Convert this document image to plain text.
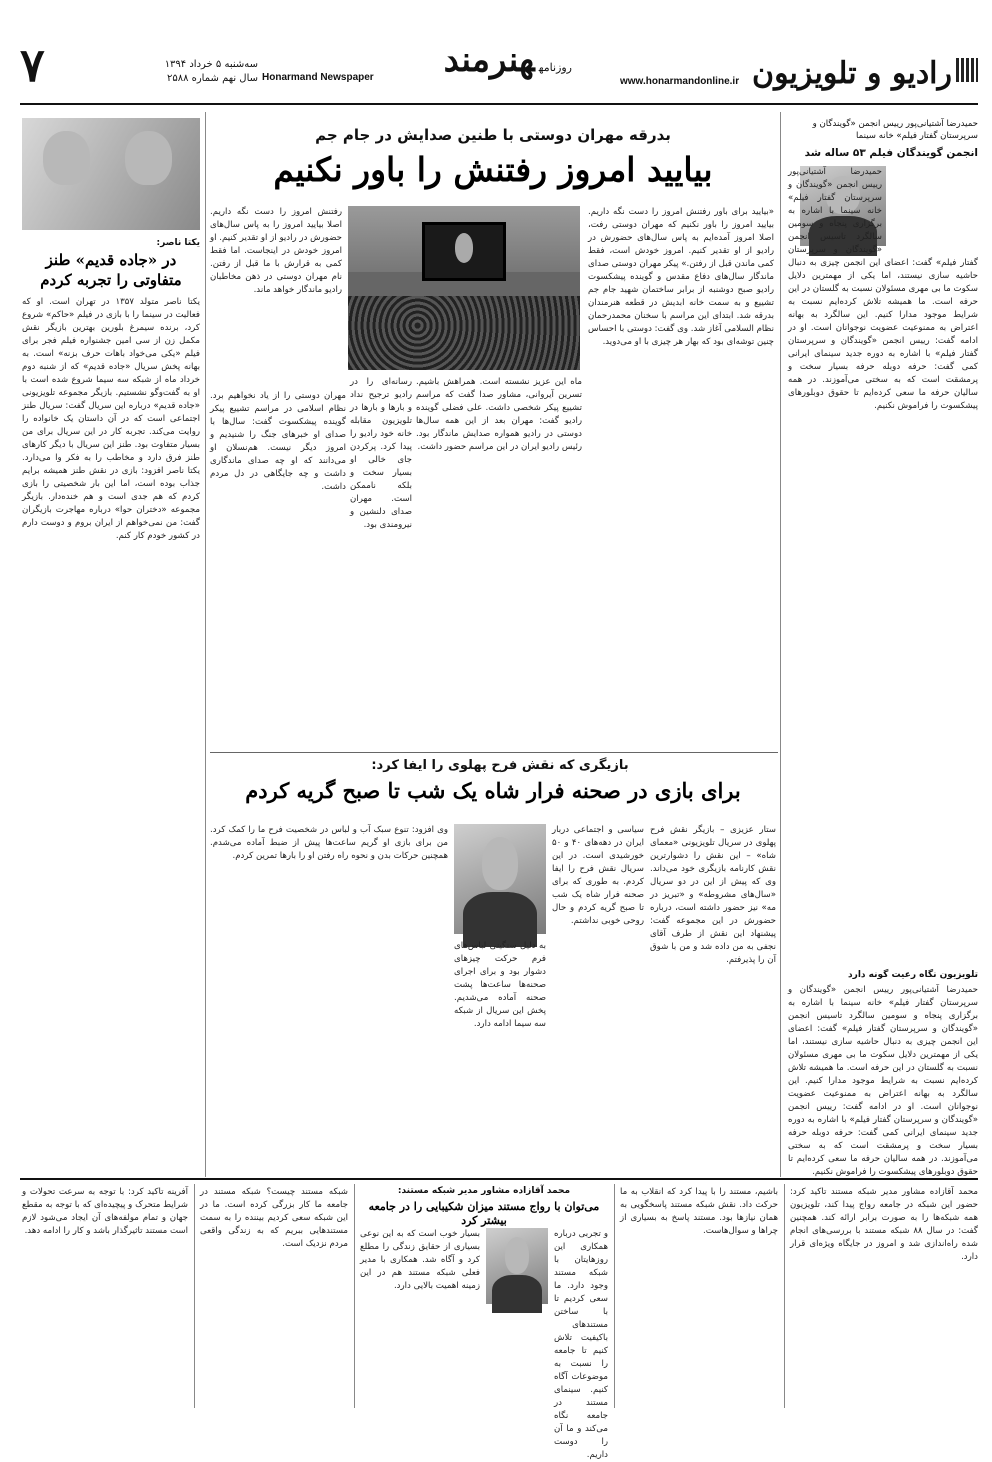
۷	سه‌شنبه ۵ خرداد ۱۳۹۴
سال نهم شماره ۲۵۸۸ Honarmand Newspaper
روزنامههنرمند
www.honarmandonline.ir رادیو و تلویزیون
حمیدرضا آشتیانی‌پور رییس انجمن «گویندگان و سرپرستان گفتار فیلم» خانه سینما
انجمن گویندگان فیلم ۵۳ ساله شد
حمیدرضا آشتیانی‌پور رییس انجمن «گویندگان و سرپرستان گفتار فیلم» خانه سینما با اشاره به برگزاری پنجاه و سومین سالگرد تاسیس انجمن «گویندگان و سرپرستان گفتار فیلم» گفت: اعضای این انجمن چیزی به دنبال حاشیه سازی نیستند، اما یکی از مهمترین دلایل سکوت ما بی مهری مسئولان نسبت به گلستان در این حرفه است. ما همیشه تلاش کرده‌ایم نسبت به شرایط موجود مدارا کنیم. این سالگرد به بهانه اعتراض به ممنوعیت عضویت نوجوانان است. او در ادامه گفت: رییس انجمن «گویندگان و سرپرستان گفتار فیلم» با اشاره به دوره جدید سینمای ایرانی کمی گفت: حرفه دوبله حرفه بسیار سخت و پرمشقت است که به سختی می‌آموزند. در همه سالیان حرفه ما سعی کرده‌ایم تا حقوق دوبلورهای پیشکسوت را فراموش نکنیم.
تلویزیون نگاه رعیت گونه دارد
حمیدرضا آشتیانی‌پور رییس انجمن «گویندگان و سرپرستان گفتار فیلم» خانه سینما با اشاره به برگزاری پنجاه و سومین سالگرد تاسیس انجمن «گویندگان و سرپرستان گفتار فیلم» گفت: اعضای این انجمن چیزی به دنبال حاشیه سازی نیستند، اما یکی از مهمترین دلایل سکوت ما بی مهری مسئولان نسبت به گلستان در این حرفه است. ما همیشه تلاش کرده‌ایم نسبت به شرایط موجود مدارا کنیم. این سالگرد به بهانه اعتراض به ممنوعیت عضویت نوجوانان است. او در ادامه گفت: رییس انجمن «گویندگان و سرپرستان گفتار فیلم» با اشاره به دوره جدید سینمای ایرانی کمی گفت: حرفه دوبله حرفه بسیار سخت و پرمشقت است که به سختی می‌آموزند. در همه سالیان حرفه ما سعی کرده‌ایم تا حقوق دوبلورهای پیشکسوت را فراموش نکنیم.
بدرقه مهران دوستی با طنین صدایش در جام جم
بیایید امروز رفتنش را باور نکنیم
«بیایید برای باور رفتنش امروز را دست نگه داریم. بیایید امروز را باور نکنیم که مهران دوستی رفت، اصلا امروز آمده‌ایم به پاس سال‌های حضورش در رادیو از او تقدیر کنیم. امروز خودش است، فقط کمی ماندن قبل از رفتن.» پیکر مهران دوستی صدای ماندگار سال‌های دفاع مقدس و گوینده پیشکسوت رادیو صبح دوشنبه از برابر ساختمان شهید جام جم تشییع و به سمت خانه ابدیش در قطعه هنرمندان بدرقه شد. ابتدای این مراسم با سخنان محمدرحمان نظام السلامی آغاز شد. وی گفت: دوستی با احساس چنین توشه‌ای بود که بهار هر چیزی با او می‌دوید.
ماه این عزیز نشسته است. همراهش باشیم. تسرین آیروانی، مشاور صدا گفت که مراسم تشییع پیکر شخصی داشت. علی فضلی گوینده رادیو گفت: مهران بعد از این همه سال‌ها دوستی در رادیو همواره صدایش ماندگار بود. رئیس رادیو ایران در این مراسم حضور داشت.
رسانه‌ای را در رادیو ترجیح نداد و بارها و بارها در تلویزیون مقابله خانه خود رادیو را پیدا کرد. پرکردن جای خالی او بسیار سخت و بلکه ناممکن است. مهران صدای دلنشین و نیرومندی بود.
رفتنش امروز را دست نگه داریم. اصلا بیایید امروز را به پاس سال‌های حضورش در رادیو از او تقدیر کنیم. او امروز خودش در اینجاست. اما فقط کمی به قرارش با ما قبل از رفتن. نام مهران دوستی در ذهن مخاطبان رادیو ماندگار خواهد ماند.
مهران دوستی را از یاد نخواهیم برد. نظام اسلامی در مراسم تشییع پیکر گوینده پیشکسوت گفت: سال‌ها با صدای او خبرهای جنگ را شنیدیم و امروز دیگر نیست. هم‌نسلان او می‌دانند که او چه صدای ماندگاری داشت و چه جایگاهی در دل مردم داشت.
بازیگری که نقش فرح پهلوی را ایفا کرد:
برای بازی در صحنه فرار شاه یک شب تا صبح گریه کردم
ستار عزیزی – بازیگر نقش فرح پهلوی در سریال تلویزیونی «معمای شاه» – این نقش را دشوارترین نقش کارنامه بازیگری خود می‌داند. وی که پیش از این در دو سریال «سال‌های مشروطه» و «تبریز در مه» نیز حضور داشته است، درباره حضورش در این مجموعه گفت: پیشنهاد این نقش از طرف آقای نجفی به من داده شد و من با شوق آن را پذیرفتم.
سیاسی و اجتماعی دربار ایران در دهه‌های ۴۰ و ۵۰ خورشیدی است. در این سریال نقش فرح را ایفا کردم. به طوری که برای صحنه فرار شاه یک شب تا صبح گریه کردم و حال روحی خوبی نداشتم.
به دلیل سنگینی لباس‌های فرم حرکت چیزهای دشوار بود و برای اجرای صحنه‌ها ساعت‌ها پشت صحنه آماده می‌شدیم. پخش این سریال از شبکه سه سیما ادامه دارد.
وی افزود: تنوع سبک آب و لباس در شخصیت فرح ما را کمک کرد. من برای بازی او گریم ساعت‌ها پیش از ضبط آماده می‌شدم. همچنین حرکات بدن و نحوه راه رفتن او را بارها تمرین کردم.
یکتا ناصر:
در «جاده قدیم» طنز متفاوتی را تجربه کردم
یکتا ناصر متولد ۱۳۵۷ در تهران است. او که فعالیت در سینما را با بازی در فیلم «حاکم» شروع کرد، برنده سیمرغ بلورین بهترین بازیگر نقش مکمل زن از سی امین جشنواره فیلم فجر برای فیلم «یکی می‌خواد باهات حرف بزنه» است. به بهانه پخش سریال «جاده قدیم» که از شنبه دوم خرداد ماه از شبکه سه سیما شروع شده است با او به گفت‌وگو نشستیم. بازیگر مجموعه تلویزیونی «جاده قدیم» درباره این سریال گفت: سریال طنز اجتماعی است که در آن داستان یک خانواده را روایت می‌کند. تجربه کار در این سریال برای من بسیار متفاوت بود. طنز این سریال با دیگر کارهای طنز فرق دارد و مخاطب را به فکر وا می‌دارد. یکتا ناصر افزود: بازی در نقش طنز همیشه برایم جذاب بوده است، اما این بار شخصیتی را بازی کردم که هم جدی است و هم خنده‌دار. بازیگر مجموعه «دختران حوا» درباره مهاجرت بازیگران گفت: من نمی‌خواهم از ایران بروم و دوست دارم در کشور خودم کار کنم.
محمد آقازاده مشاور مدیر شبکه مستند تاکید کرد: حضور این شبکه در جامعه رواج پیدا کند، تلویزیون همه شبکه‌ها را به صورت برابر ارائه کند. همچنین گفت: در سال ۸۸ شبکه مستند با بررسی‌های انجام شده راه‌اندازی شد و امروز در جایگاه ویژه‌ای قرار دارد.
باشیم، مستند را با پیدا کرد که انقلاب به ما حرکت داد. نقش شبکه مستند پاسخگویی به همان نیازها بود. مستند پاسخ به بسیاری از چراها و سوال‌هاست.
محمد آقازاده مشاور مدیر شبکه مستند:
می‌توان با رواج مستند میزان شکیبایی را در جامعه بیشتر کرد
و تجربی درباره همکاری این روزهایتان با شبکه مستند وجود دارد. ما سعی کردیم تا با ساختن مستندهای باکیفیت تلاش کنیم تا جامعه را نسبت به موضوعات آگاه کنیم. سینمای مستند در جامعه نگاه می‌کند و ما آن را دوست داریم.
بسیار خوب است که به این نوعی بسیاری از حقایق زندگی را مطلع کرد و آگاه شد. همکاری با مدیر فعلی شبکه مستند هم در این زمینه اهمیت بالایی دارد.
شبکه مستند چیست؟ شبکه مستند در جامعه ما کار بزرگی کرده است. ما در این شبکه سعی کردیم بیننده را به سمت مستندهایی ببریم که به زندگی واقعی مردم نزدیک است.
آفرینه تاکید کرد: با توجه به سرعت تحولات و شرایط متحرک و پیچیده‌ای که با توجه به مقطع جهان و تمام مولفه‌های آن ایجاد می‌شود لازم است مستند تاثیرگذار باشد و کار را ادامه دهد.
